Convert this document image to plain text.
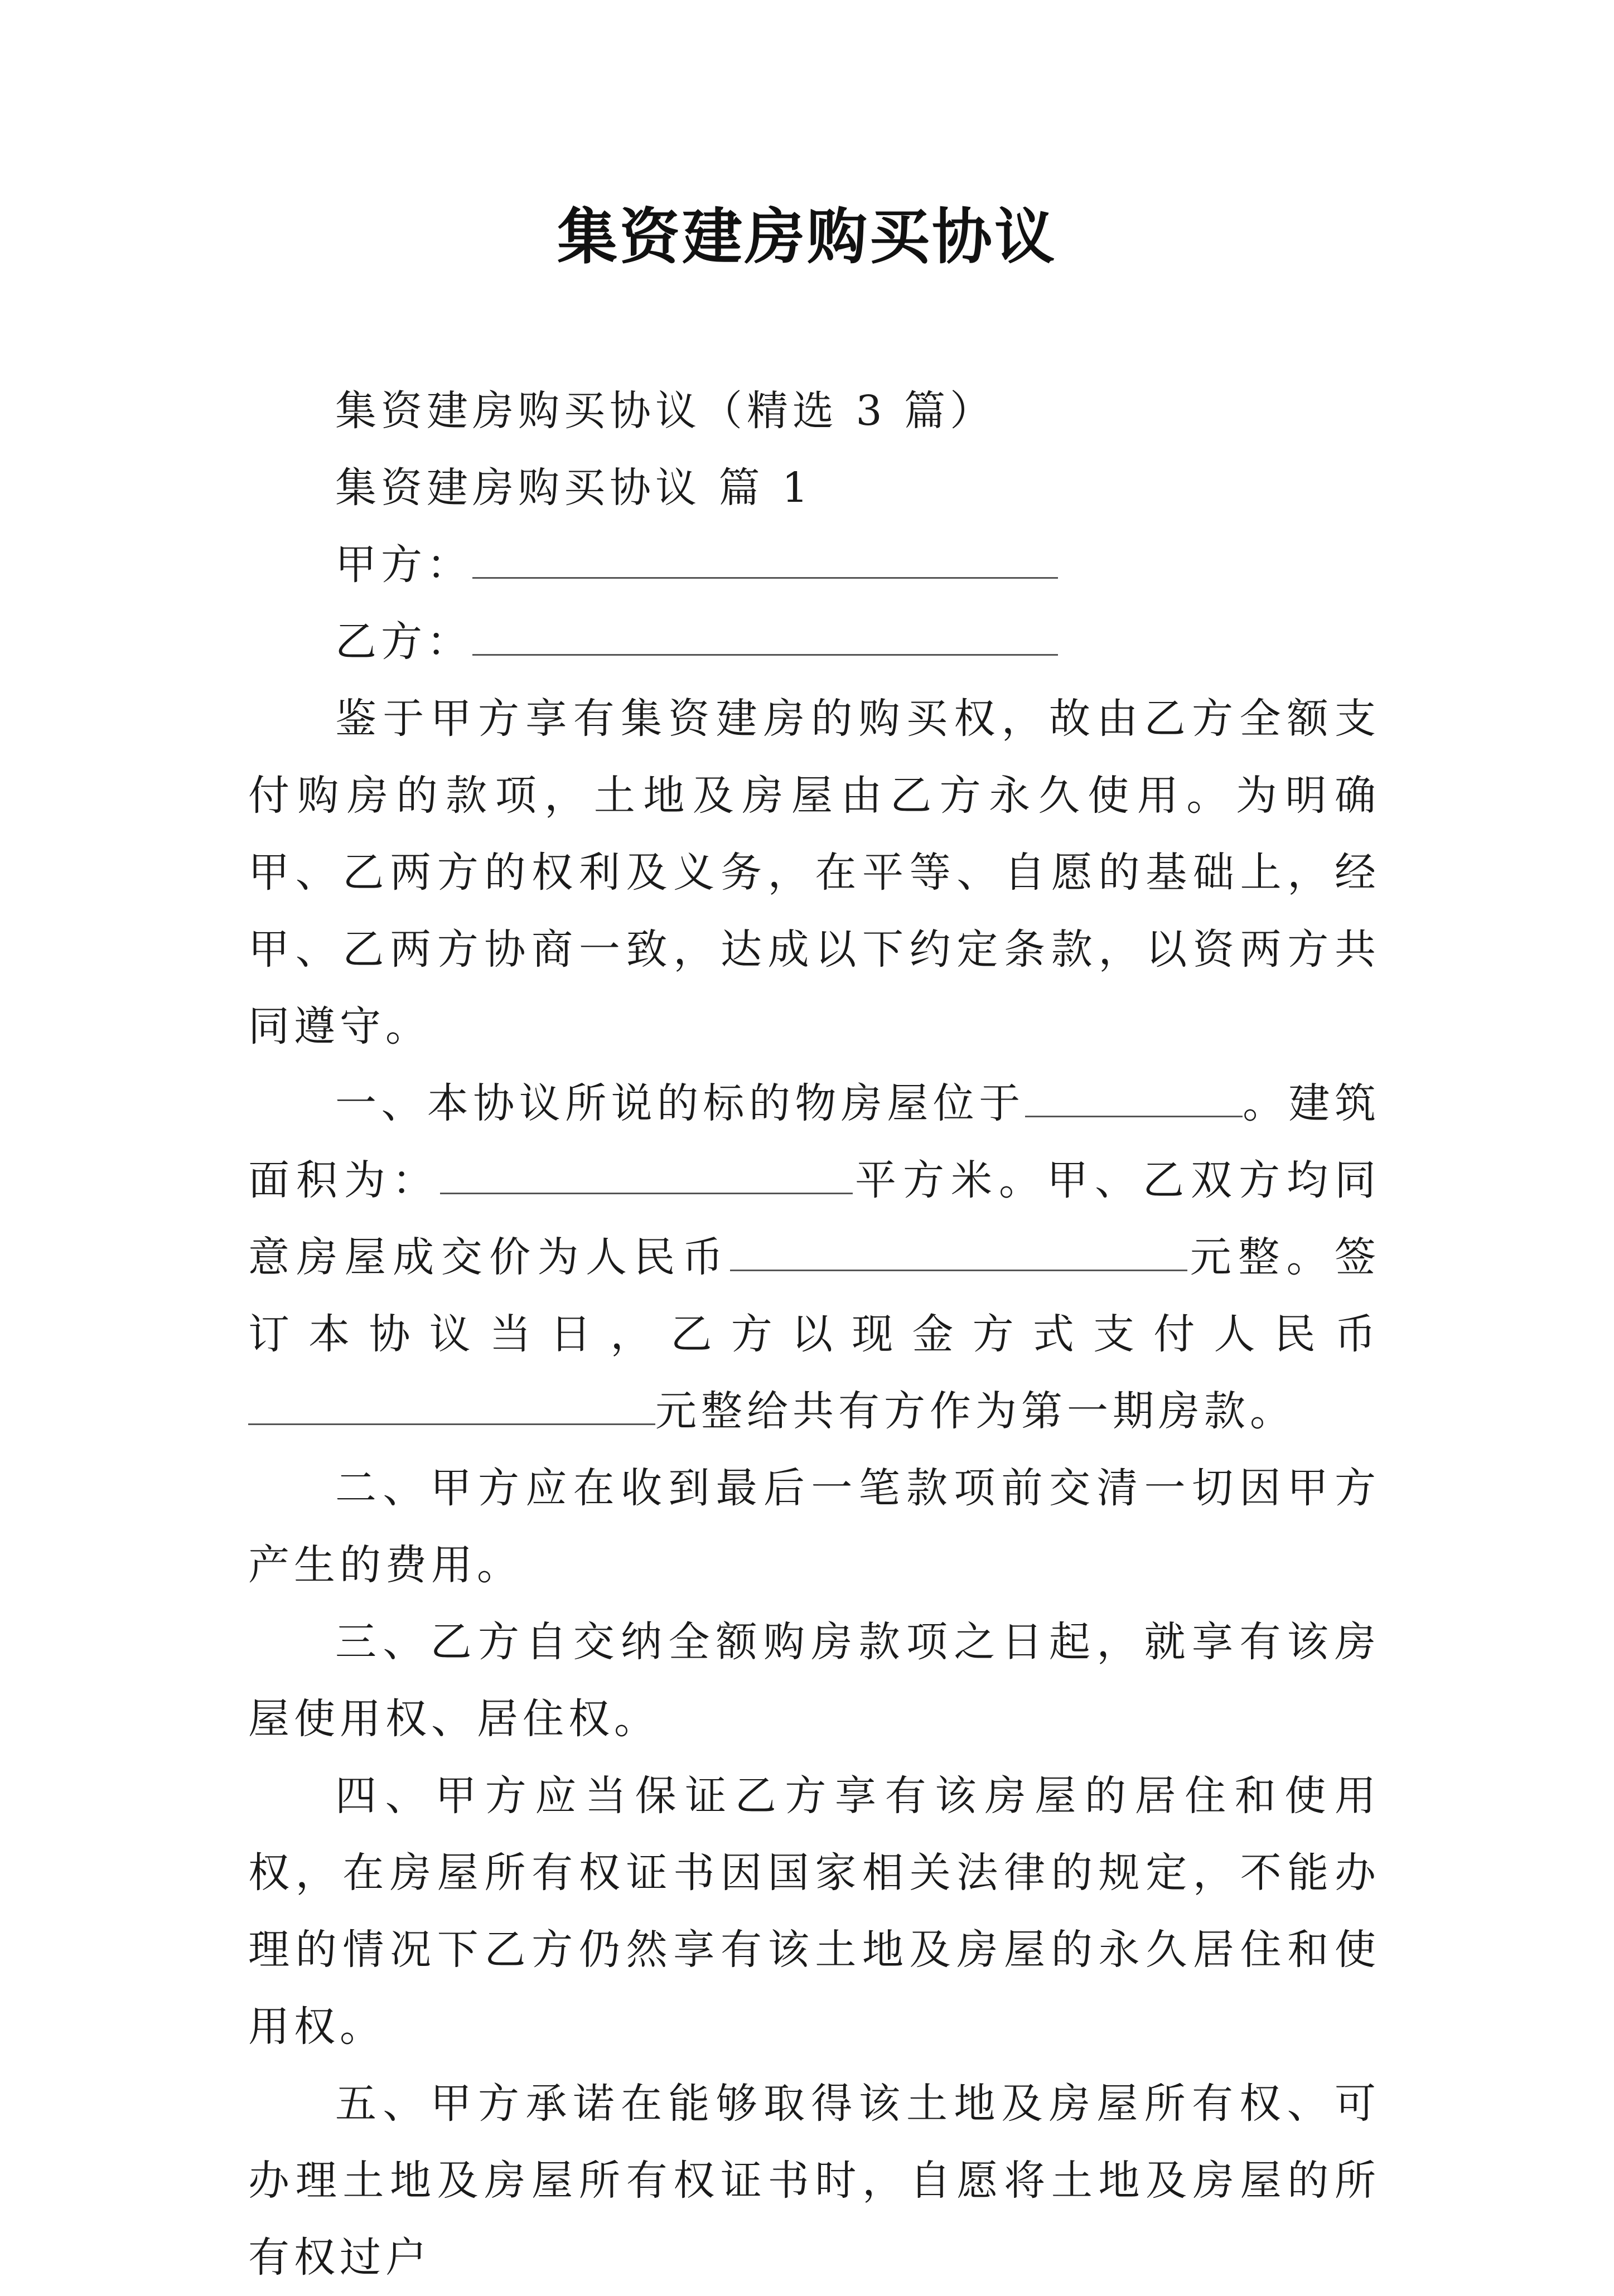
集资建房购买协议

集资建房购买协议（精选 3 篇）

集资建房购买协议 篇 1

甲方：

乙方：

鉴于甲方享有集资建房的购买权，故由乙方全额支付购房的款项，土地及房屋由乙方永久使用。为明确甲、乙两方的权利及义务，在平等、自愿的基础上，经甲、乙两方协商一致，达成以下约定条款，以资两方共同遵守。

一、本协议所说的标的物房屋位于	。建筑面积为：	平方米。甲、乙双方均同意房屋成交价为人民币	元整。签订本协议当日，乙方以现金方式支付人民币元整给共有方作为第一期房款。

二、甲方应在收到最后一笔款项前交清一切因甲方产生的费用。

三、乙方自交纳全额购房款项之日起，就享有该房屋使用权、居住权。

四、甲方应当保证乙方享有该房屋的居住和使用权，在房屋所有权证书因国家相关法律的规定，不能办理的情况下乙方仍然享有该土地及房屋的永久居住和使用权。

五、甲方承诺在能够取得该土地及房屋所有权、可办理土地及房屋所有权证书时，自愿将土地及房屋的所有权过户
